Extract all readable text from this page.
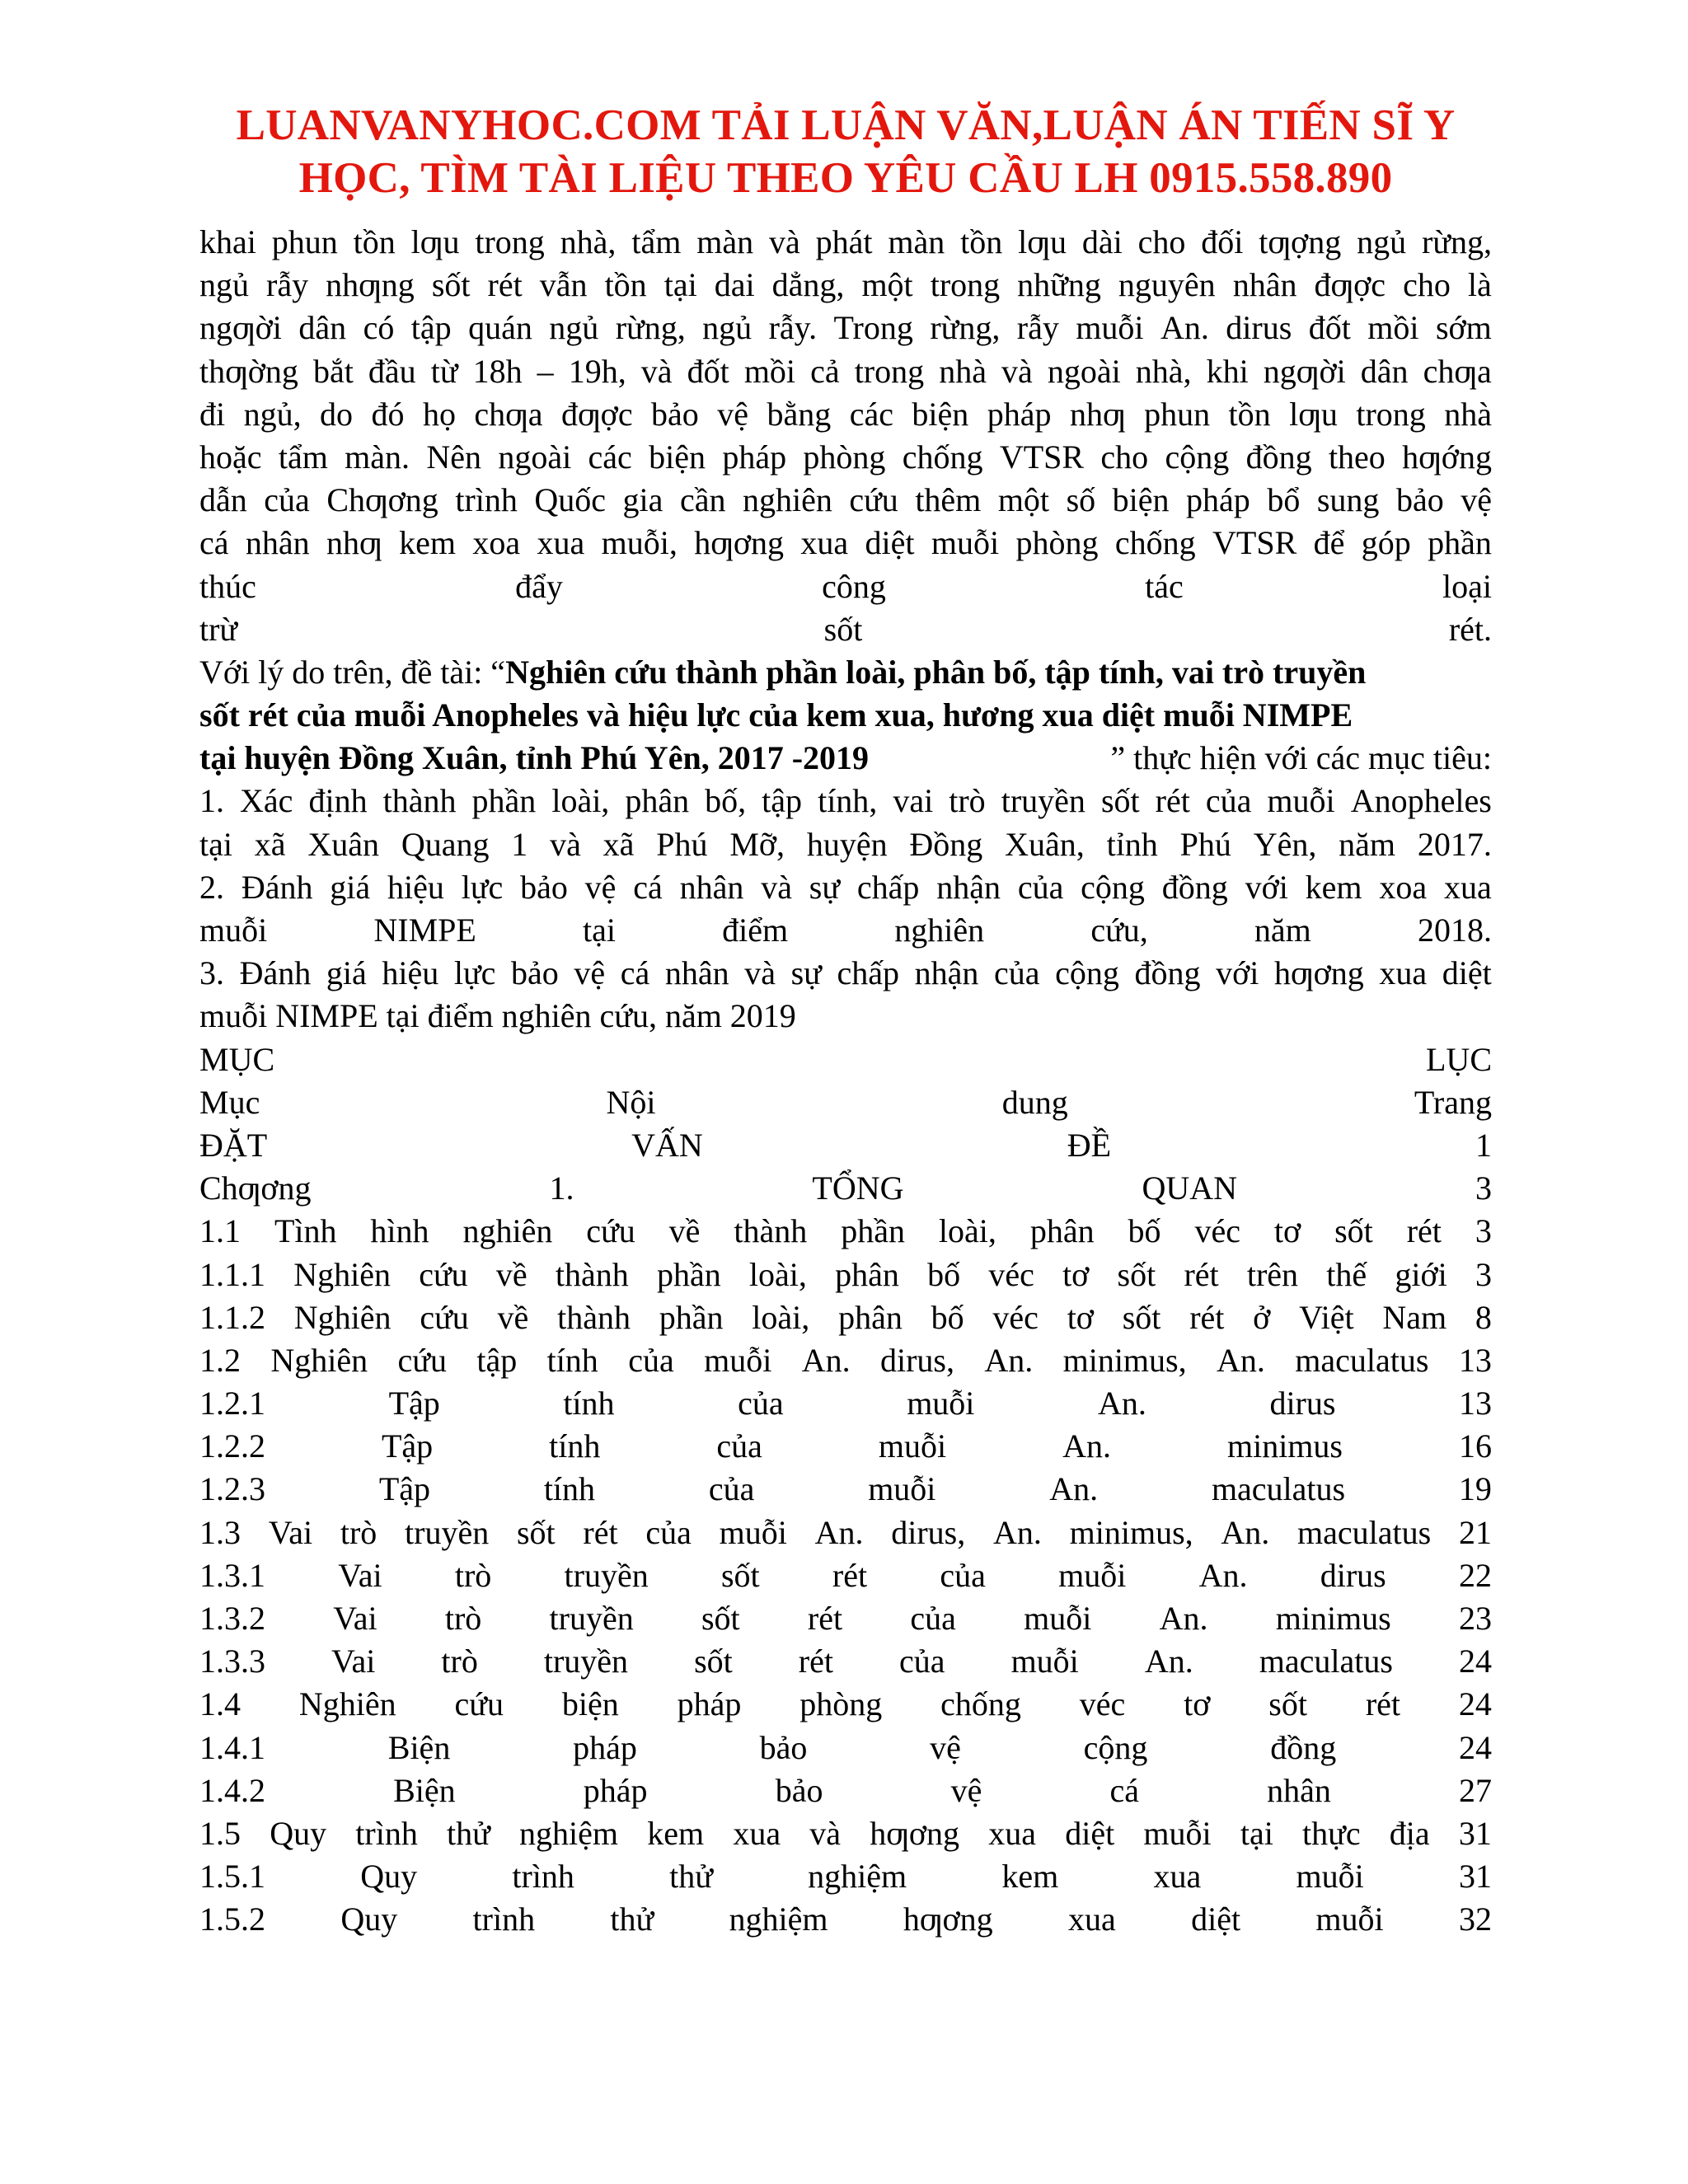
LUANVANYHOC.COM TẢI LUẬN VĂN,LUẬN ÁN TIẾN SĨ Y
HỌC, TÌM TÀI LIỆU THEO YÊU CẦU LH 0915.558.890
khai phun tồn lƣu trong nhà, tẩm màn và phát màn tồn lƣu dài cho đối tƣợng ngủ rừng,
ngủ rẫy nhƣng sốt rét vẫn tồn tại dai dẳng, một trong những nguyên nhân đƣợc cho là
ngƣời dân có tập quán ngủ rừng, ngủ rẫy. Trong rừng, rẫy muỗi An. dirus đốt mồi sớm
thƣờng bắt đầu từ 18h – 19h, và đốt mồi cả trong nhà và ngoài nhà, khi ngƣời dân chƣa
đi ngủ, do đó họ chƣa đƣợc bảo vệ bằng các biện pháp nhƣ phun tồn lƣu trong nhà
hoặc tẩm màn. Nên ngoài các biện pháp phòng chống VTSR cho cộng đồng theo hƣớng
dẫn của Chƣơng trình Quốc gia cần nghiên cứu thêm một số biện pháp bổ sung bảo vệ
cá nhân nhƣ kem xoa xua muỗi, hƣơng xua diệt muỗi phòng chống VTSR để góp phần
thúc	đẩy	công	tác	loại
trừ	sốt	rét.
Với lý do trên, đề tài: “Nghiên cứu thành phần loài, phân bố, tập tính, vai trò truyền
sốt rét của muỗi Anopheles và hiệu lực của kem xua, hương xua diệt muỗi NIMPE
tại huyện Đồng Xuân, tỉnh Phú Yên, 2017 -2019	” thực hiện với các mục tiêu:
1. Xác định thành phần loài, phân bố, tập tính, vai trò truyền sốt rét của muỗi Anopheles
tại xã Xuân Quang 1 và xã Phú Mỡ, huyện Đồng Xuân, tỉnh Phú Yên, năm 2017.
2. Đánh giá hiệu lực bảo vệ cá nhân và sự chấp nhận của cộng đồng với kem xoa xua
muỗi	NIMPE	tại	điểm	nghiên	cứu,	năm	2018.
3. Đánh giá hiệu lực bảo vệ cá nhân và sự chấp nhận của cộng đồng với hƣơng xua diệt
muỗi NIMPE tại điểm nghiên cứu, năm 2019
MỤC	LỤC
Mục	Nội	dung	Trang
ĐẶT	VẤN	ĐỀ	1
Chƣơng	1.	TỔNG	QUAN	3
1.1 Tình hình nghiên cứu về thành phần loài, phân bố véc tơ sốt rét 3
1.1.1 Nghiên cứu về thành phần loài, phân bố véc tơ sốt rét trên thế giới 3
1.1.2 Nghiên cứu về thành phần loài, phân bố véc tơ sốt rét ở Việt Nam 8
1.2 Nghiên cứu tập tính của muỗi An. dirus, An. minimus, An. maculatus 13
1.2.1	Tập	tính	của	muỗi	An.	dirus	13
1.2.2	Tập	tính	của	muỗi	An.	minimus	16
1.2.3	Tập	tính	của	muỗi	An.	maculatus	19
1.3 Vai trò truyền sốt rét của muỗi An. dirus, An. minimus, An. maculatus 21
1.3.1 Vai trò truyền sốt rét của muỗi An. dirus 22
1.3.2 Vai trò truyền sốt rét của muỗi An. minimus 23
1.3.3 Vai trò truyền sốt rét của muỗi An. maculatus 24
1.4 Nghiên cứu biện pháp phòng chống véc tơ sốt rét 24
1.4.1	Biện	pháp	bảo	vệ	cộng	đồng	24
1.4.2	Biện	pháp	bảo	vệ	cá	nhân	27
1.5 Quy trình thử nghiệm kem xua và hƣơng xua diệt muỗi tại thực địa 31
1.5.1	Quy	trình	thử	nghiệm	kem	xua	muỗi	31
1.5.2 Quy trình thử nghiệm hƣơng xua diệt muỗi 32
